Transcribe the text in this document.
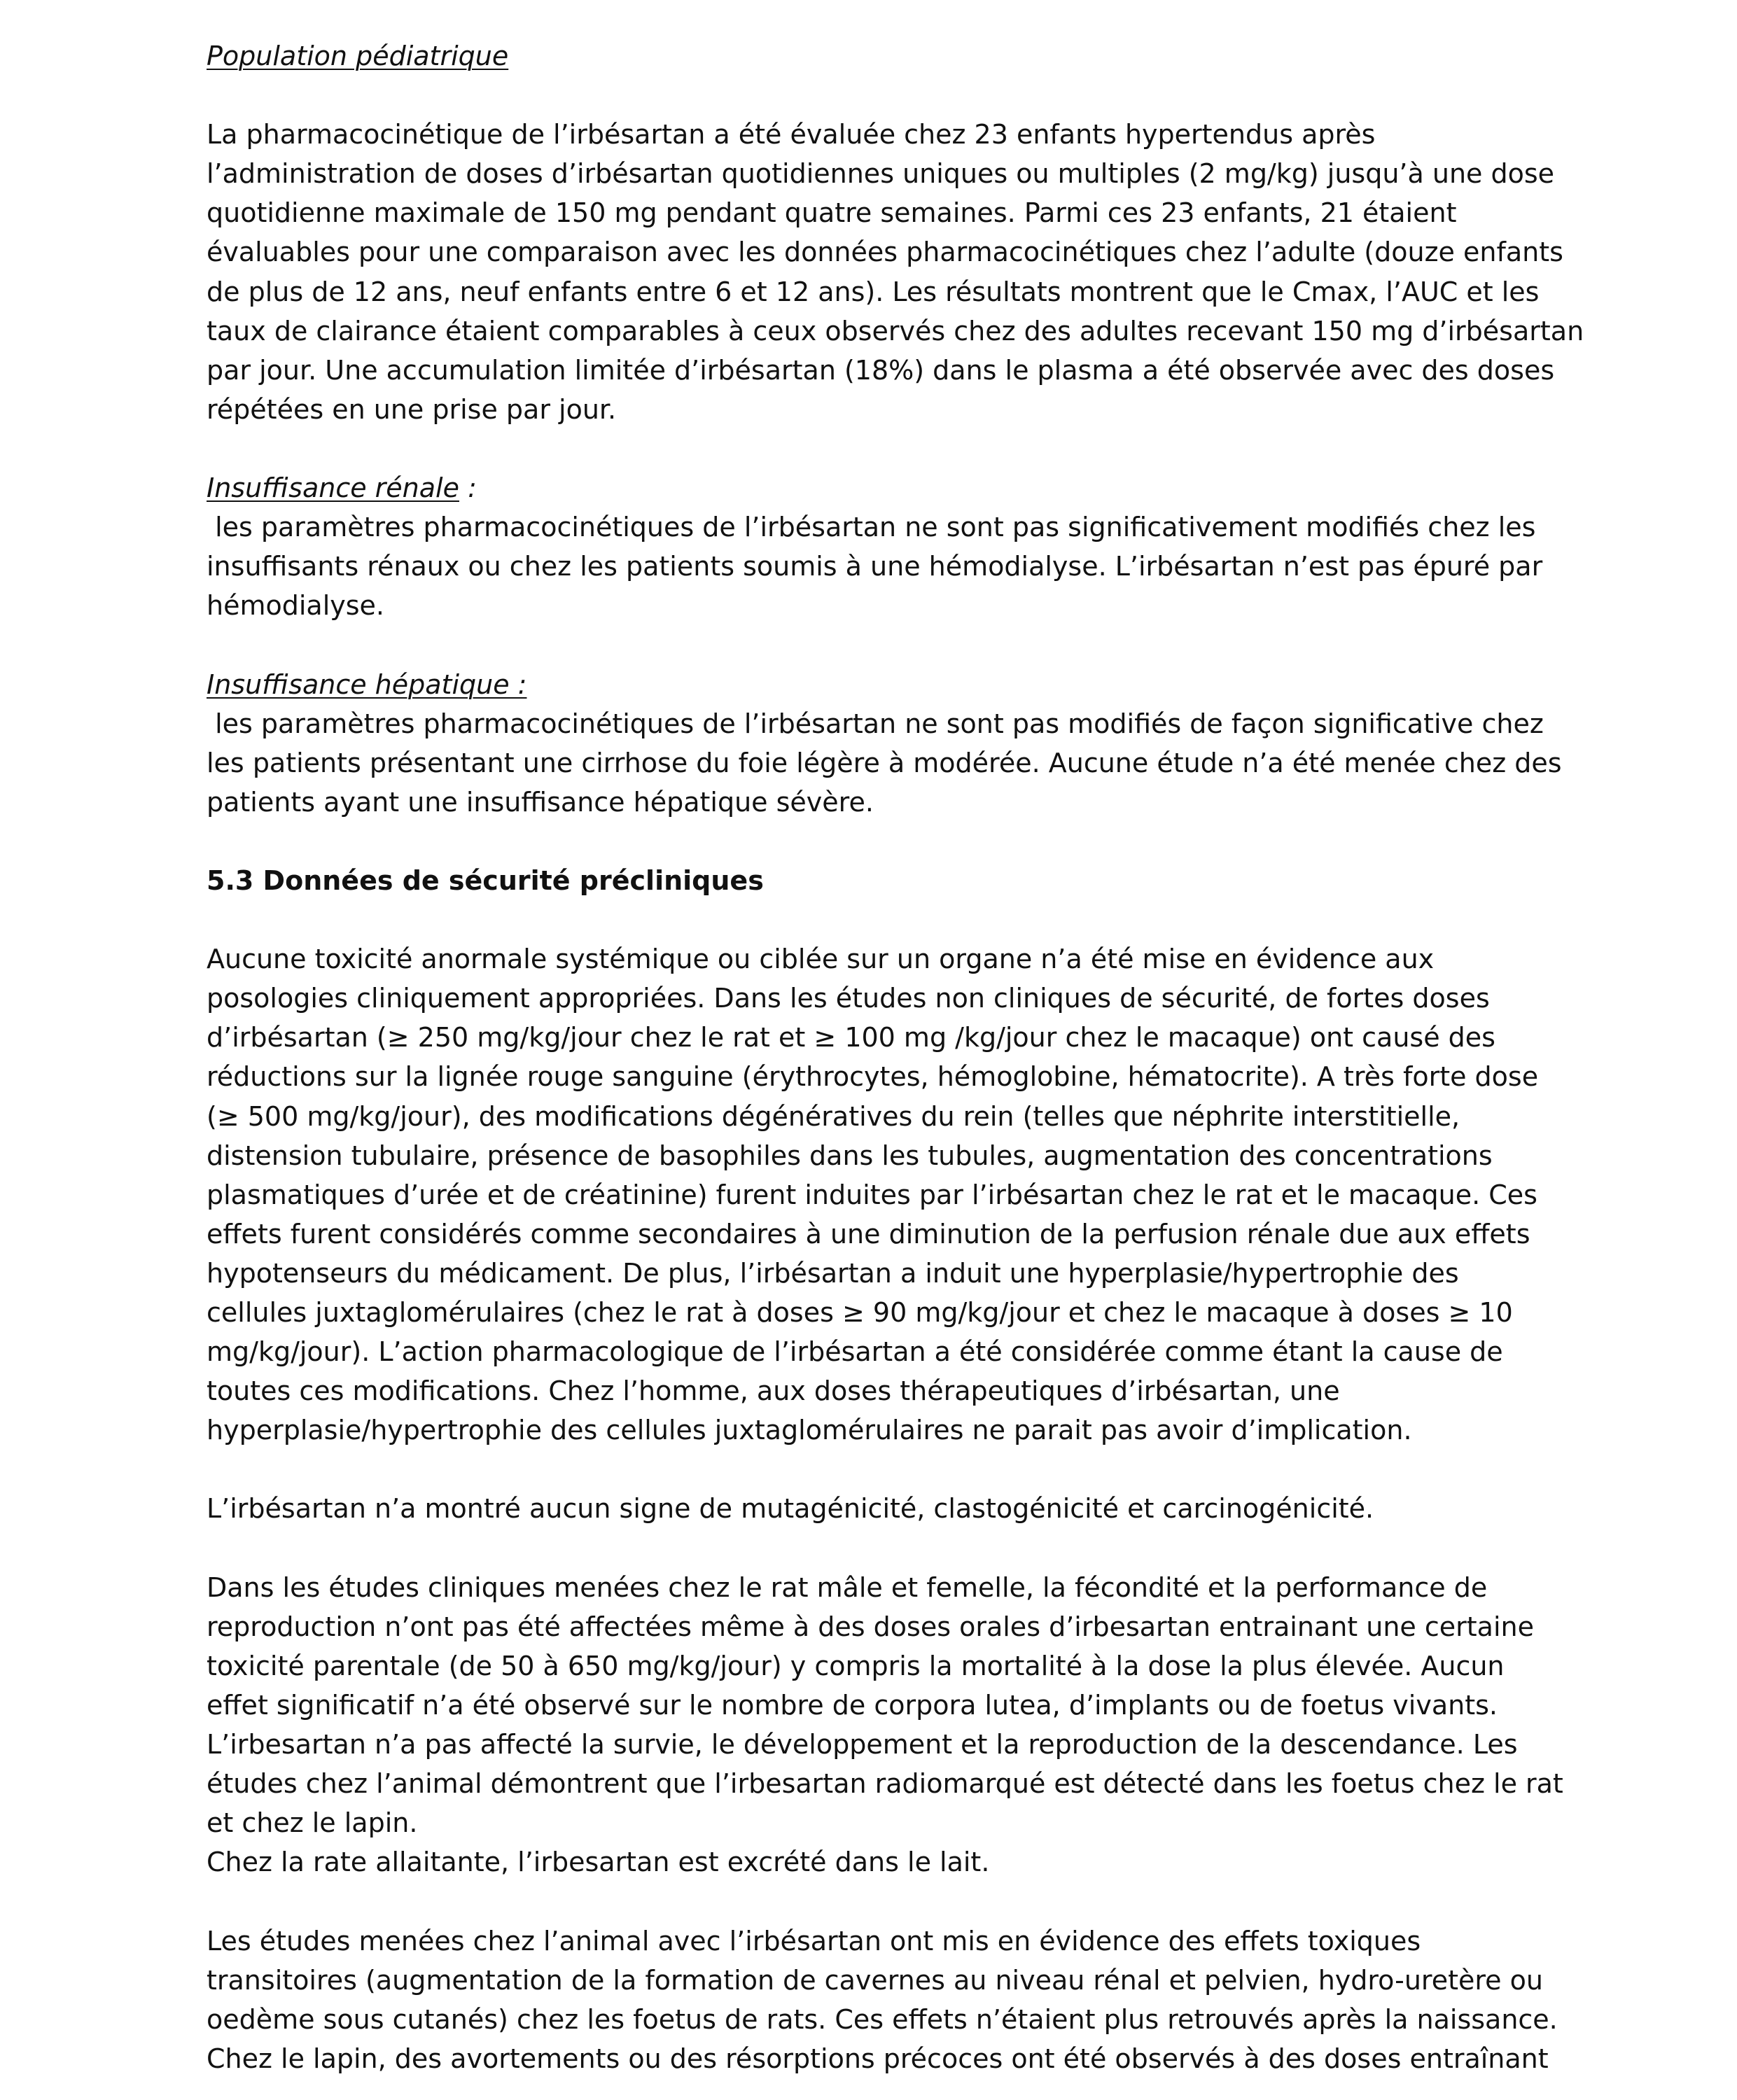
Population pédiatrique

La pharmacocinétique de l’irbésartan a été évaluée chez 23 enfants hypertendus après
l’administration de doses d’irbésartan quotidiennes uniques ou multiples (2 mg/kg) jusqu’à une dose
quotidienne maximale de 150 mg pendant quatre semaines. Parmi ces 23 enfants, 21 étaient
évaluables pour une comparaison avec les données pharmacocinétiques chez l’adulte (douze enfants
de plus de 12 ans, neuf enfants entre 6 et 12 ans). Les résultats montrent que le Cmax, l’AUC et les
taux de clairance étaient comparables à ceux observés chez des adultes recevant 150 mg d’irbésartan
par jour. Une accumulation limitée d’irbésartan (18%) dans le plasma a été observée avec des doses
répétées en une prise par jour.

Insuffisance rénale :

les paramètres pharmacocinétiques de l’irbésartan ne sont pas significativement modifiés chez les
insuffisants rénaux ou chez les patients soumis à une hémodialyse. L’irbésartan n’est pas épuré par
hémodialyse.

Insuffisance hépatique :

les paramètres pharmacocinétiques de l’irbésartan ne sont pas modifiés de façon significative chez
les patients présentant une cirrhose du foie légère à modérée. Aucune étude n’a été menée chez des
patients ayant une insuffisance hépatique sévère.

5.3 Données de sécurité précliniques

Aucune toxicité anormale systémique ou ciblée sur un organe n’a été mise en évidence aux
posologies cliniquement appropriées. Dans les études non cliniques de sécurité, de fortes doses
d’irbésartan (≥ 250 mg/kg/jour chez le rat et ≥ 100 mg /kg/jour chez le macaque) ont causé des
réductions sur la lignée rouge sanguine (érythrocytes, hémoglobine, hématocrite). A très forte dose
(≥ 500 mg/kg/jour), des modifications dégénératives du rein (telles que néphrite interstitielle,
distension tubulaire, présence de basophiles dans les tubules, augmentation des concentrations
plasmatiques d’urée et de créatinine) furent induites par l’irbésartan chez le rat et le macaque. Ces
effets furent considérés comme secondaires à une diminution de la perfusion rénale due aux effets
hypotenseurs du médicament. De plus, l’irbésartan a induit une hyperplasie/hypertrophie des
cellules juxtaglomérulaires (chez le rat à doses ≥ 90 mg/kg/jour et chez le macaque à doses ≥ 10
mg/kg/jour). L’action pharmacologique de l’irbésartan a été considérée comme étant la cause de
toutes ces modifications. Chez l’homme, aux doses thérapeutiques d’irbésartan, une
hyperplasie/hypertrophie des cellules juxtaglomérulaires ne parait pas avoir d’implication.

L’irbésartan n’a montré aucun signe de mutagénicité, clastogénicité et carcinogénicité.

Dans les études cliniques menées chez le rat mâle et femelle, la fécondité et la performance de
reproduction n’ont pas été affectées même à des doses orales d’irbesartan entrainant une certaine
toxicité parentale (de 50 à 650 mg/kg/jour) y compris la mortalité à la dose la plus élevée. Aucun
effet significatif n’a été observé sur le nombre de corpora lutea, d’implants ou de foetus vivants.
L’irbesartan n’a pas affecté la survie, le développement et la reproduction de la descendance. Les
études chez l’animal démontrent que l’irbesartan radiomarqué est détecté dans les foetus chez le rat
et chez le lapin.
Chez la rate allaitante, l’irbesartan est excrété dans le lait.

Les études menées chez l’animal avec l’irbésartan ont mis en évidence des effets toxiques
transitoires (augmentation de la formation de cavernes au niveau rénal et pelvien, hydro-uretère ou
oedème sous cutanés) chez les foetus de rats. Ces effets n’étaient plus retrouvés après la naissance.
Chez le lapin, des avortements ou des résorptions précoces ont été observés à des doses entraînant
